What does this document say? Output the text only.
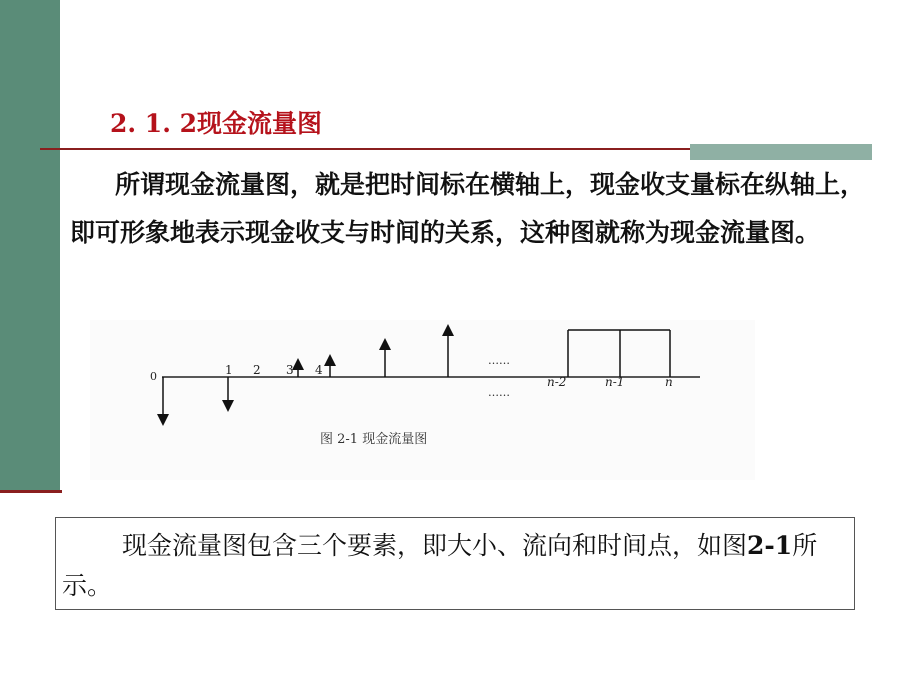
2. 1. 2现金流量图
所谓现金流量图，就是把时间标在横轴上，现金收支量标在纵轴上，即可形象地表示现金收支与时间的关系，这种图就称为现金流量图。
0	1 2 3 4
n-2	n-1	n
……
……
图 2-1 现金流量图
现金流量图包含三个要素，即大小、流向和时间点，如图2-1所示。
